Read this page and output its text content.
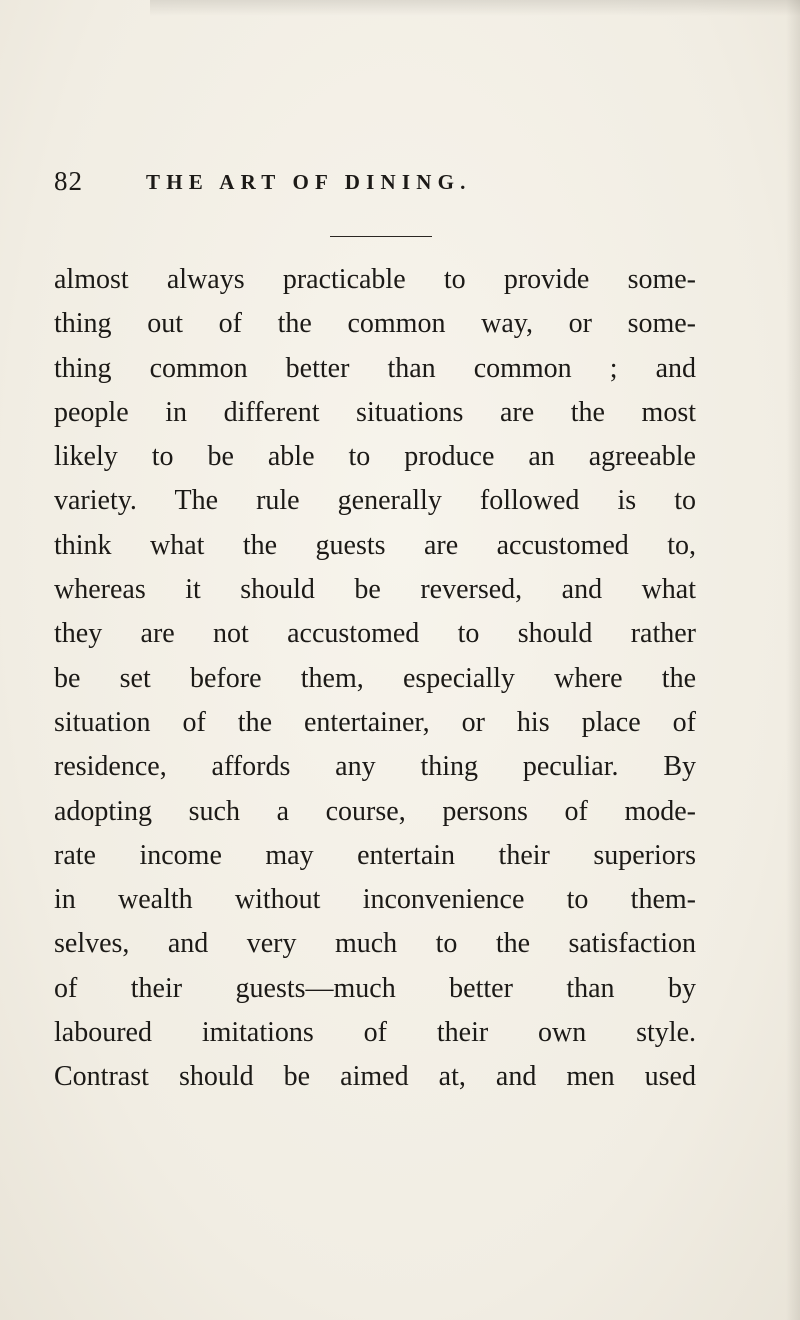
82	THE ART OF DINING.
almost always practicable to provide some-
thing out of the common way, or some-
thing common better than common ; and
people in different situations are the most
likely to be able to produce an agreeable
variety. The rule generally followed is to
think what the guests are accustomed to,
whereas it should be reversed, and what
they are not accustomed to should rather
be set before them, especially where the
situation of the entertainer, or his place of
residence, affords any thing peculiar. By
adopting such a course, persons of mode-
rate income may entertain their superiors
in wealth without inconvenience to them-
selves, and very much to the satisfaction
of their guests—much better than by
laboured imitations of their own style.
Contrast should be aimed at, and men used
